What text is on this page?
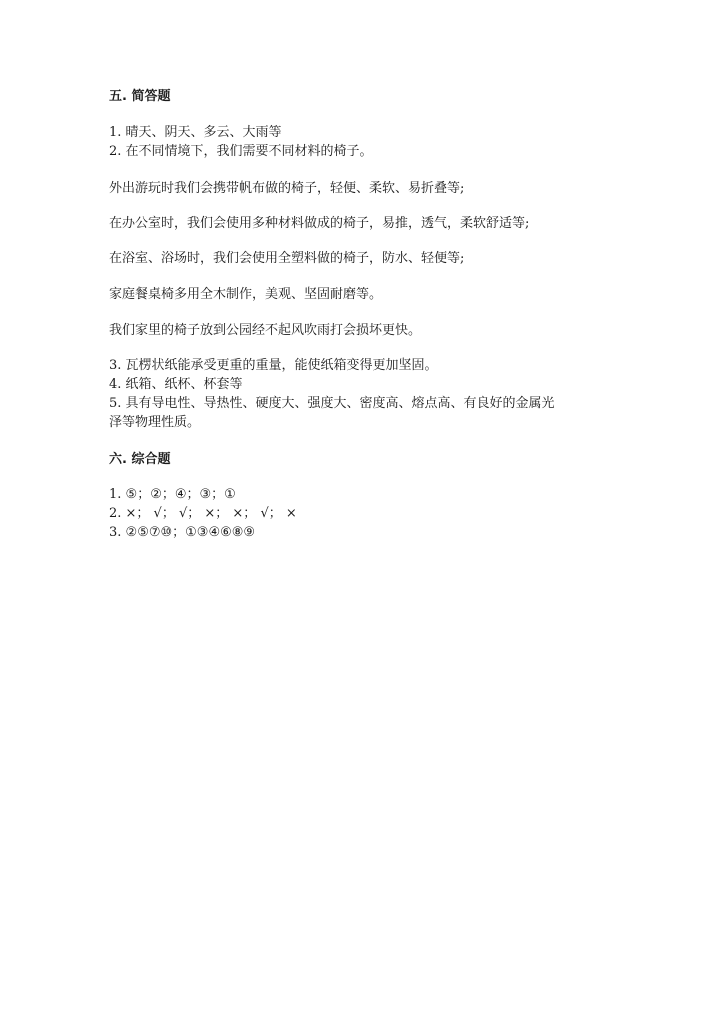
五. 简答题
1. 晴天、阴天、多云、大雨等
2. 在不同情境下，我们需要不同材料的椅子。
外出游玩时我们会携带帆布做的椅子，轻便、柔软、易折叠等;
在办公室时，我们会使用多种材料做成的椅子，易推，透气，柔软舒适等;
在浴室、浴场时，我们会使用全塑料做的椅子，防水、轻便等;
家庭餐桌椅多用全木制作，美观、坚固耐磨等。
我们家里的椅子放到公园经不起风吹雨打会损坏更快。
3. 瓦楞状纸能承受更重的重量，能使纸箱变得更加坚固。
4. 纸箱、纸杯、杯套等
5. 具有导电性、导热性、硬度大、强度大、密度高、熔点高、有良好的金属光
泽等物理性质。
六. 综合题
1. ⑤；②；④；③；①
2. ×； √； √； ×； ×； √； ×
3. ②⑤⑦⑩；①③④⑥⑧⑨
